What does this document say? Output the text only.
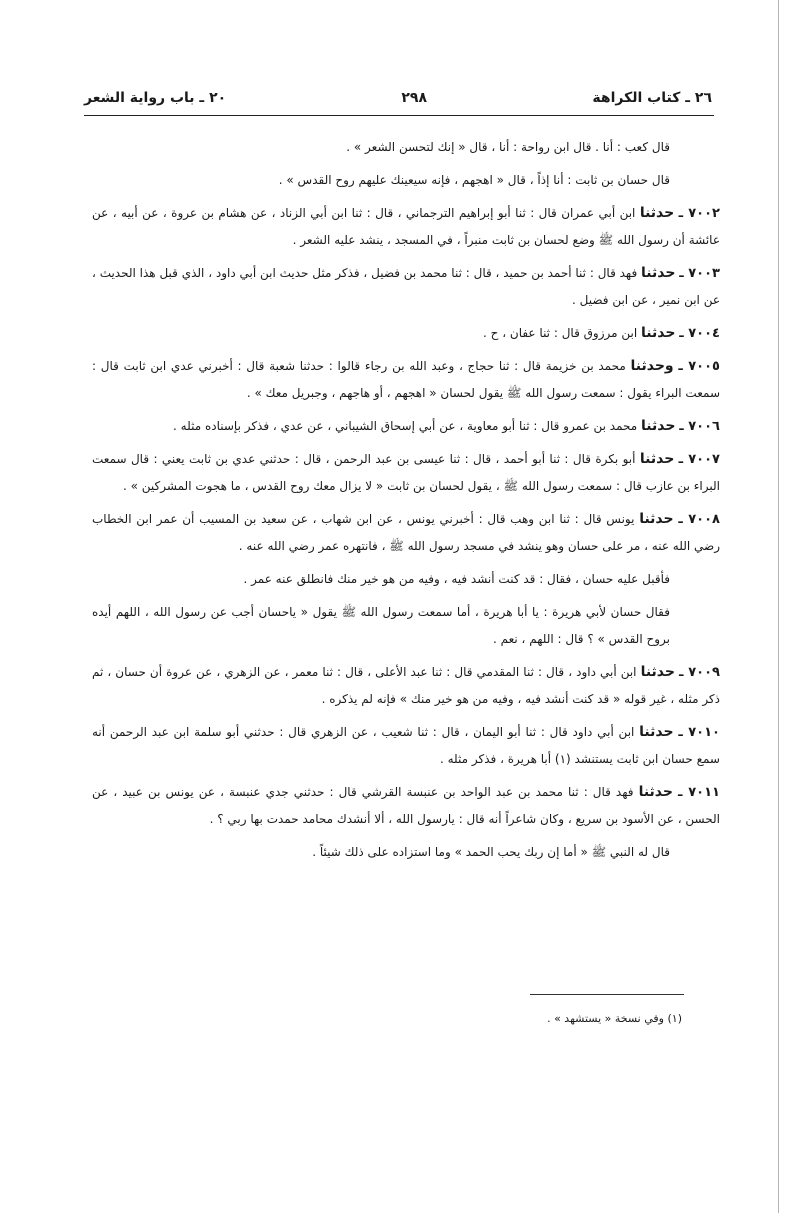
٢٦ ـ كتاب الكراهة
٢٩٨
٢٠ ـ باب رواية الشعر

قال كعب : أنا . قال ابن رواحة : أنا ، قال « إنك لتحسن الشعر » .

قال حسان بن ثابت : أنا إذاً ، قال « اهجهم ، فإنه سيعينك عليهم روح القدس » .

٧٠٠٢ ـ حدثنا ابن أبي عمران قال : ثنا أبو إبراهيم الترجماني ، قال : ثنا ابن أبي الزناد ، عن هشام بن عروة ، عن أبيه ، عن عائشة أن رسول الله ﷺ وضع لحسان بن ثابت منبراً ، في المسجد ، ينشد عليه الشعر .

٧٠٠٣ ـ حدثنا فهد قال : ثنا أحمد بن حميد ، قال : ثنا محمد بن فضيل ، فذكر مثل حديث ابن أبي داود ، الذي قبل هذا الحديث ، عن ابن نمير ، عن ابن فضيل .

٧٠٠٤ ـ حدثنا ابن مرزوق قال : ثنا عفان ، ح .

٧٠٠٥ ـ وحدثنا محمد بن خزيمة قال : ثنا حجاج ، وعبد الله بن رجاء قالوا : حدثنا شعبة قال : أخبرني عدي ابن ثابت قال : سمعت البراء يقول : سمعت رسول الله ﷺ يقول لحسان « اهجهم ، أو هاجهم ، وجبريل معك » .

٧٠٠٦ ـ حدثنا محمد بن عمرو قال : ثنا أبو معاوية ، عن أبي إسحاق الشيباني ، عن عدي ، فذكر بإسناده مثله .

٧٠٠٧ ـ حدثنا أبو بكرة قال : ثنا أبو أحمد ، قال : ثنا عيسى بن عبد الرحمن ، قال : حدثني عدي بن ثابت يعني : قال سمعت البراء بن عازب قال : سمعت رسول الله ﷺ ، يقول لحسان بن ثابت « لا يزال معك روح القدس ، ما هجوت المشركين » .

٧٠٠٨ ـ حدثنا يونس قال : ثنا ابن وهب قال : أخبرني يونس ، عن ابن شهاب ، عن سعيد بن المسيب أن عمر ابن الخطاب رضي الله عنه ، مر على حسان وهو ينشد في مسجد رسول الله ﷺ ، فانتهره عمر رضي الله عنه .

فأقبل عليه حسان ، فقال : قد كنت أنشد فيه ، وفيه من هو خير منك فانطلق عنه عمر .

فقال حسان لأبي هريرة : يا أبا هريرة ، أما سمعت رسول الله ﷺ يقول « ياحسان أجب عن رسول الله ، اللهم أيده بروح القدس » ؟ قال : اللهم ، نعم .

٧٠٠٩ ـ حدثنا ابن أبي داود ، قال : ثنا المقدمي قال : ثنا عبد الأعلى ، قال : ثنا معمر ، عن الزهري ، عن عروة أن حسان ، ثم ذكر مثله ، غير قوله « قد كنت أنشد فيه ، وفيه من هو خير منك » فإنه لم يذكره .

٧٠١٠ ـ حدثنا ابن أبي داود قال : ثنا أبو اليمان ، قال : ثنا شعيب ، عن الزهري قال : حدثني أبو سلمة ابن عبد الرحمن أنه سمع حسان ابن ثابت يستنشد (١) أبا هريرة ، فذكر مثله .

٧٠١١ ـ حدثنا فهد قال : ثنا محمد بن عبد الواحد بن عنبسة القرشي قال : حدثني جدي عنبسة ، عن يونس بن عبيد ، عن الحسن ، عن الأسود بن سريع ، وكان شاعراً أنه قال : يارسول الله ، ألا أنشدك محامد حمدت بها ربي ؟ .

قال له النبي ﷺ « أما إن ربك يحب الحمد » وما استزاده على ذلك شيئاً .

(١) وفي نسخة « يستشهد » .
